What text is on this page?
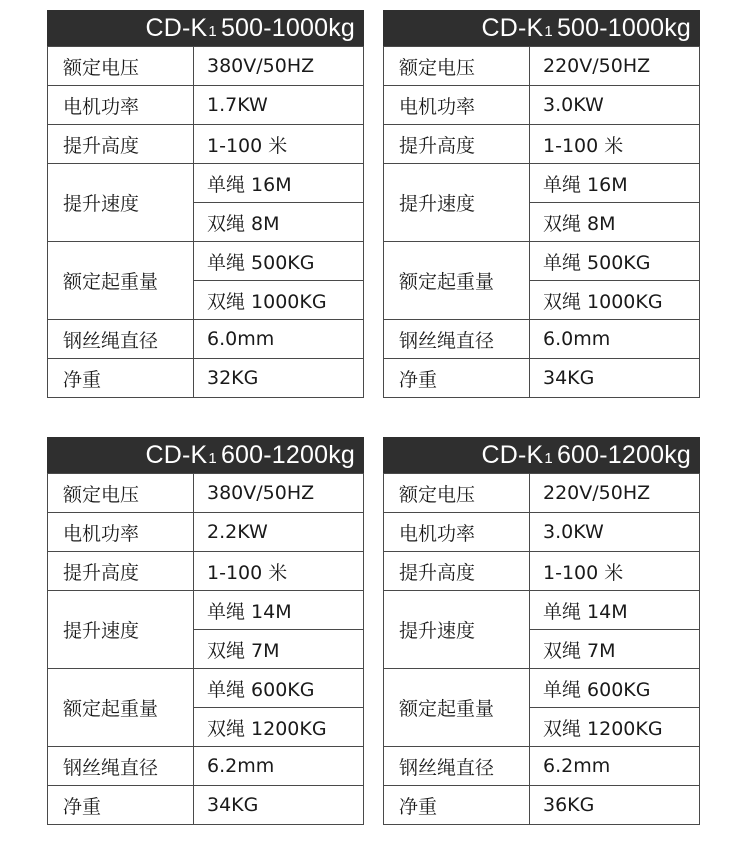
CD-K 1 500-1000kg
额定电压	380V/50HZ
电机功率	1.7KW
提升高度	1-100 米
提升速度	单绳 16M
	双绳 8M
额定起重量	单绳 500KG
	双绳 1000KG
钢丝绳直径	6.0mm
净重	32KG
CD-K 1 500-1000kg
额定电压	220V/50HZ
电机功率	3.0KW
提升高度	1-100 米
提升速度	单绳 16M
	双绳 8M
额定起重量	单绳 500KG
	双绳 1000KG
钢丝绳直径	6.0mm
净重	34KG
CD-K 1 600-1200kg
额定电压	380V/50HZ
电机功率	2.2KW
提升高度	1-100 米
提升速度	单绳 14M
	双绳 7M
额定起重量	单绳 600KG
	双绳 1200KG
钢丝绳直径	6.2mm
净重	34KG
CD-K 1 600-1200kg
额定电压	220V/50HZ
电机功率	3.0KW
提升高度	1-100 米
提升速度	单绳 14M
	双绳 7M
额定起重量	单绳 600KG
	双绳 1200KG
钢丝绳直径	6.2mm
净重	36KG
